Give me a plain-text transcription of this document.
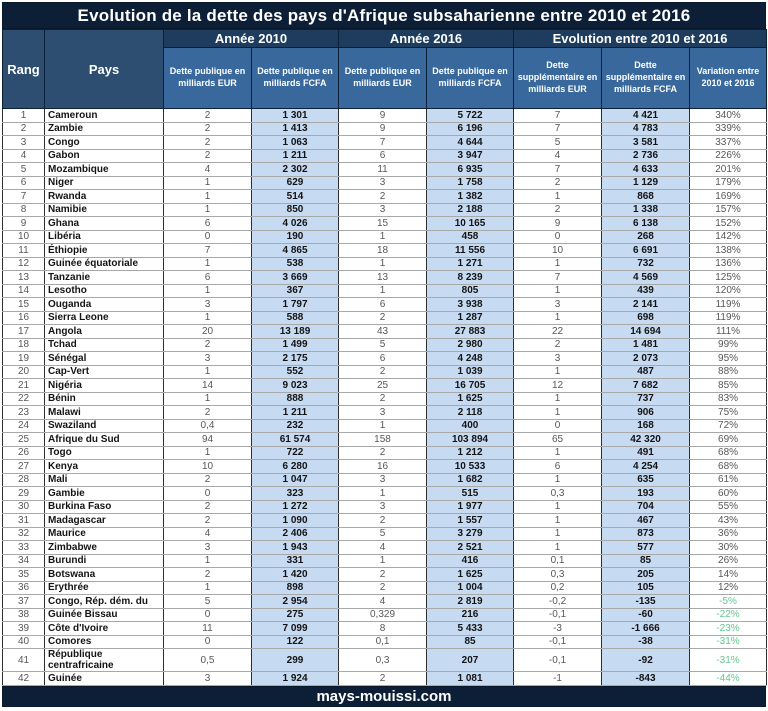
Evolution de la dette des pays d'Afrique subsaharienne entre 2010 et 2016
Rang	Pays	Année 2010		Année 2016		Evolution entre 2010 et 2016		
		Dette publique en milliards EUR	Dette publique en milliards FCFA	Dette publique en milliards EUR	Dette publique en milliards FCFA	Dette supplémentaire en milliards EUR	Dette supplémentaire en milliards FCFA	Variation entre 2010 et 2016
1	Cameroun	2	1 301	9	5 722	7	4 421	340%
2	Zambie	2	1 413	9	6 196	7	4 783	339%
3	Congo	2	1 063	7	4 644	5	3 581	337%
4	Gabon	2	1 211	6	3 947	4	2 736	226%
5	Mozambique	4	2 302	11	6 935	7	4 633	201%
6	Niger	1	629	3	1 758	2	1 129	179%
7	Rwanda	1	514	2	1 382	1	868	169%
8	Namibie	1	850	3	2 188	2	1 338	157%
9	Ghana	6	4 026	15	10 165	9	6 138	152%
10	Libéria	0	190	1	458	0	268	142%
11	Éthiopie	7	4 865	18	11 556	10	6 691	138%
12	Guinée équatoriale	1	538	1	1 271	1	732	136%
13	Tanzanie	6	3 669	13	8 239	7	4 569	125%
14	Lesotho	1	367	1	805	1	439	120%
15	Ouganda	3	1 797	6	3 938	3	2 141	119%
16	Sierra Leone	1	588	2	1 287	1	698	119%
17	Angola	20	13 189	43	27 883	22	14 694	111%
18	Tchad	2	1 499	5	2 980	2	1 481	99%
19	Sénégal	3	2 175	6	4 248	3	2 073	95%
20	Cap-Vert	1	552	2	1 039	1	487	88%
21	Nigéria	14	9 023	25	16 705	12	7 682	85%
22	Bénin	1	888	2	1 625	1	737	83%
23	Malawi	2	1 211	3	2 118	1	906	75%
24	Swaziland	0,4	232	1	400	0	168	72%
25	Afrique du Sud	94	61 574	158	103 894	65	42 320	69%
26	Togo	1	722	2	1 212	1	491	68%
27	Kenya	10	6 280	16	10 533	6	4 254	68%
28	Mali	2	1 047	3	1 682	1	635	61%
29	Gambie	0	323	1	515	0,3	193	60%
30	Burkina Faso	2	1 272	3	1 977	1	704	55%
31	Madagascar	2	1 090	2	1 557	1	467	43%
32	Maurice	4	2 406	5	3 279	1	873	36%
33	Zimbabwe	3	1 943	4	2 521	1	577	30%
34	Burundi	1	331	1	416	0,1	85	26%
35	Botswana	2	1 420	2	1 625	0,3	205	14%
36	Érythrée	1	898	2	1 004	0,2	105	12%
37	Congo, Rép. dém. du	5	2 954	4	2 819	-0,2	-135	-5%
38	Guinée Bissau	0	275	0,329	216	-0,1	-60	-22%
39	Côte d'Ivoire	11	7 099	8	5 433	-3	-1 666	-23%
40	Comores	0	122	0,1	85	-0,1	-38	-31%
41	République centrafricaine	0,5	299	0,3	207	-0,1	-92	-31%
42	Guinée	3	1 924	2	1 081	-1	-843	-44%
mays-mouissi.com
